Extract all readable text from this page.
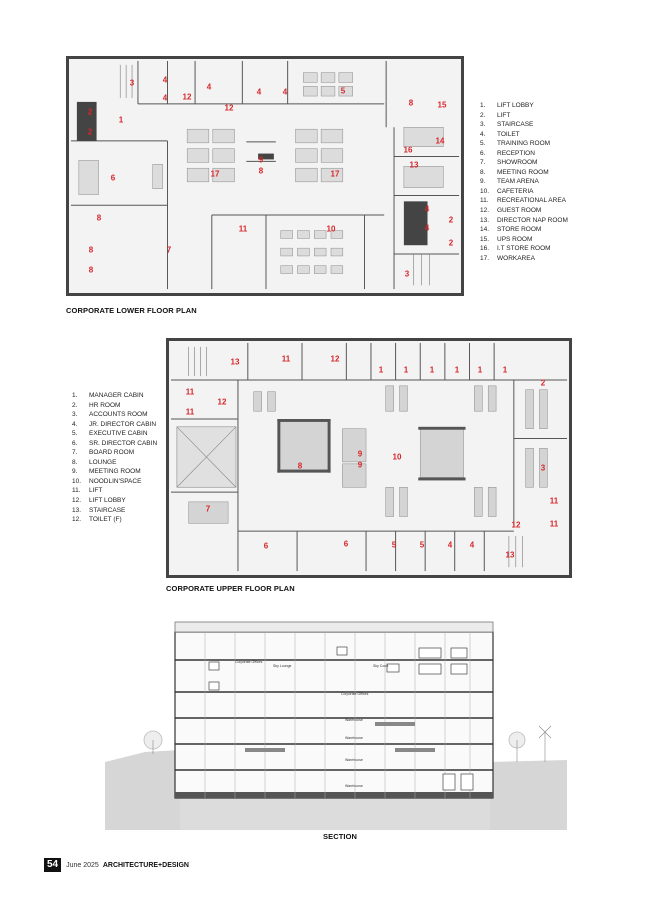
1
2
2
3	4
4
4
4	4	5
6
7
8
8
8
8
9
8
10
11
12
12
13
14
15
16
17	17
4
4
2
2
3
1. LIFT LOBBY
2. LIFT
3. STAIRCASE
4. TOILET
5. TRAINING ROOM
6. RECEPTION
7. SHOWROOM
8. MEETING ROOM
9. TEAM ARENA
10. CAFETERIA
11. RECREATIONAL AREA
12. GUEST ROOM
13. DIRECTOR NAP ROOM
14. STORE ROOM
15. UPS ROOM
16. I.T STORE ROOM
17. WORKAREA
CORPORATE LOWER FLOOR PLAN
13	11	12
1	1	1	1 1	1
2
11
11
12
8
9
9
10
3
7
11
11
12
6	6	5	5	4 4
13
1. MANAGER CABIN
2. HR ROOM
3. ACCOUNTS ROOM
4. JR. DIRECTOR CABIN
5. EXECUTIVE CABIN
6. SR. DIRECTOR CABIN
7. BOARD ROOM
8. LOUNGE
9. MEETING ROOM
10. NOODLIN'SPACE
11. LIFT
12. LIFT LOBBY
13. STAIRCASE
12. TOILET (F)
CORPORATE UPPER FLOOR PLAN
Corporate Offices
Sky Lounge	Sky Court
Corporate Offices
Warehouse
Warehouse
Warehouse
Warehouse
SECTION
54	June 2025 ARCHITECTURE+DESIGN
